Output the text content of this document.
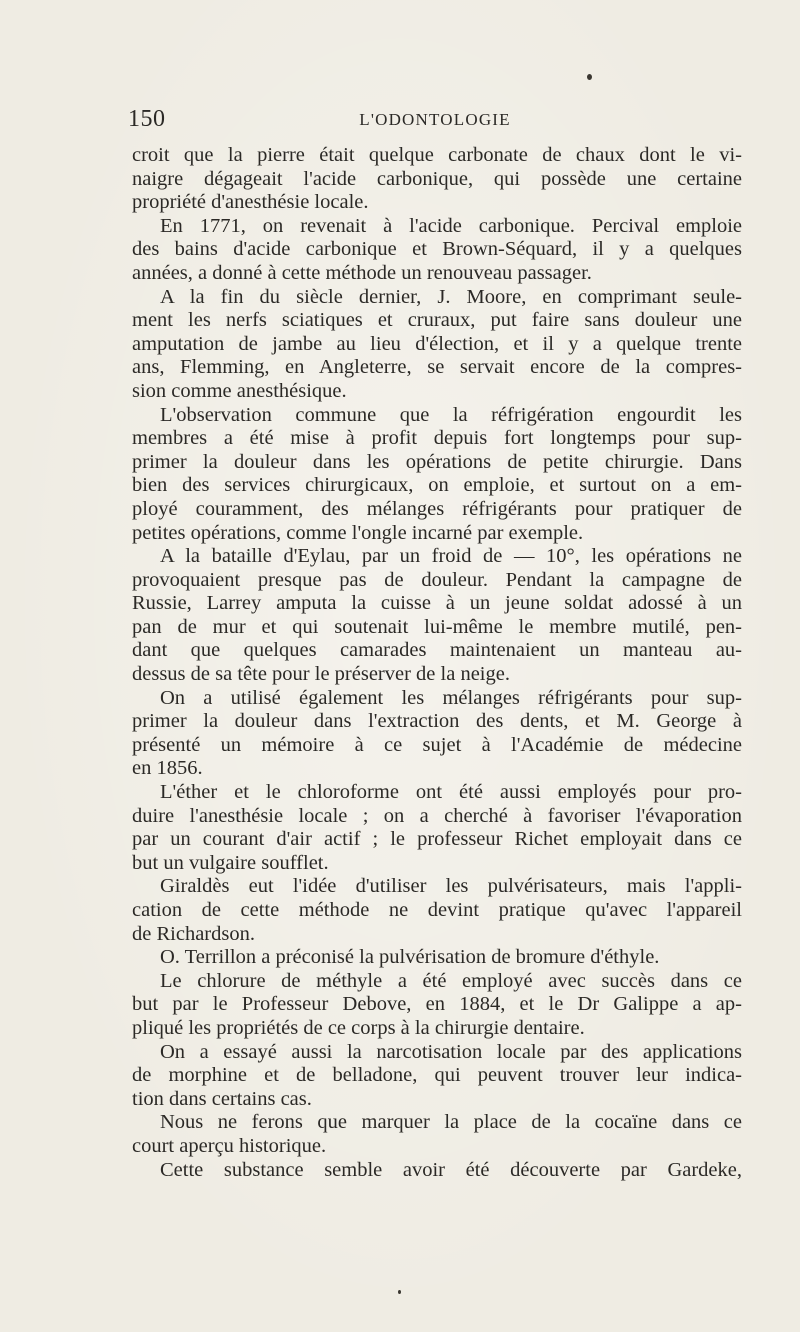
150	L'ODONTOLOGIE
croit que la pierre était quelque carbonate de chaux dont le vi-
naigre dégageait l'acide carbonique, qui possède une certaine
propriété d'anesthésie locale.
En 1771, on revenait à l'acide carbonique. Percival emploie
des bains d'acide carbonique et Brown-Séquard, il y a quelques
années, a donné à cette méthode un renouveau passager.
A la fin du siècle dernier, J. Moore, en comprimant seule-
ment les nerfs sciatiques et cruraux, put faire sans douleur une
amputation de jambe au lieu d'élection, et il y a quelque trente
ans, Flemming, en Angleterre, se servait encore de la compres-
sion comme anesthésique.
L'observation commune que la réfrigération engourdit les
membres a été mise à profit depuis fort longtemps pour sup-
primer la douleur dans les opérations de petite chirurgie. Dans
bien des services chirurgicaux, on emploie, et surtout on a em-
ployé couramment, des mélanges réfrigérants pour pratiquer de
petites opérations, comme l'ongle incarné par exemple.
A la bataille d'Eylau, par un froid de — 10°, les opérations ne
provoquaient presque pas de douleur. Pendant la campagne de
Russie, Larrey amputa la cuisse à un jeune soldat adossé à un
pan de mur et qui soutenait lui-même le membre mutilé, pen-
dant que quelques camarades maintenaient un manteau au-
dessus de sa tête pour le préserver de la neige.
On a utilisé également les mélanges réfrigérants pour sup-
primer la douleur dans l'extraction des dents, et M. George à
présenté un mémoire à ce sujet à l'Académie de médecine
en 1856.
L'éther et le chloroforme ont été aussi employés pour pro-
duire l'anesthésie locale ; on a cherché à favoriser l'évaporation
par un courant d'air actif ; le professeur Richet employait dans ce
but un vulgaire soufflet.
Giraldès eut l'idée d'utiliser les pulvérisateurs, mais l'appli-
cation de cette méthode ne devint pratique qu'avec l'appareil
de Richardson.
O. Terrillon a préconisé la pulvérisation de bromure d'éthyle.
Le chlorure de méthyle a été employé avec succès dans ce
but par le Professeur Debove, en 1884, et le Dr Galippe a ap-
pliqué les propriétés de ce corps à la chirurgie dentaire.
On a essayé aussi la narcotisation locale par des applications
de morphine et de belladone, qui peuvent trouver leur indica-
tion dans certains cas.
Nous ne ferons que marquer la place de la cocaïne dans ce
court aperçu historique.
Cette substance semble avoir été découverte par Gardeke,
